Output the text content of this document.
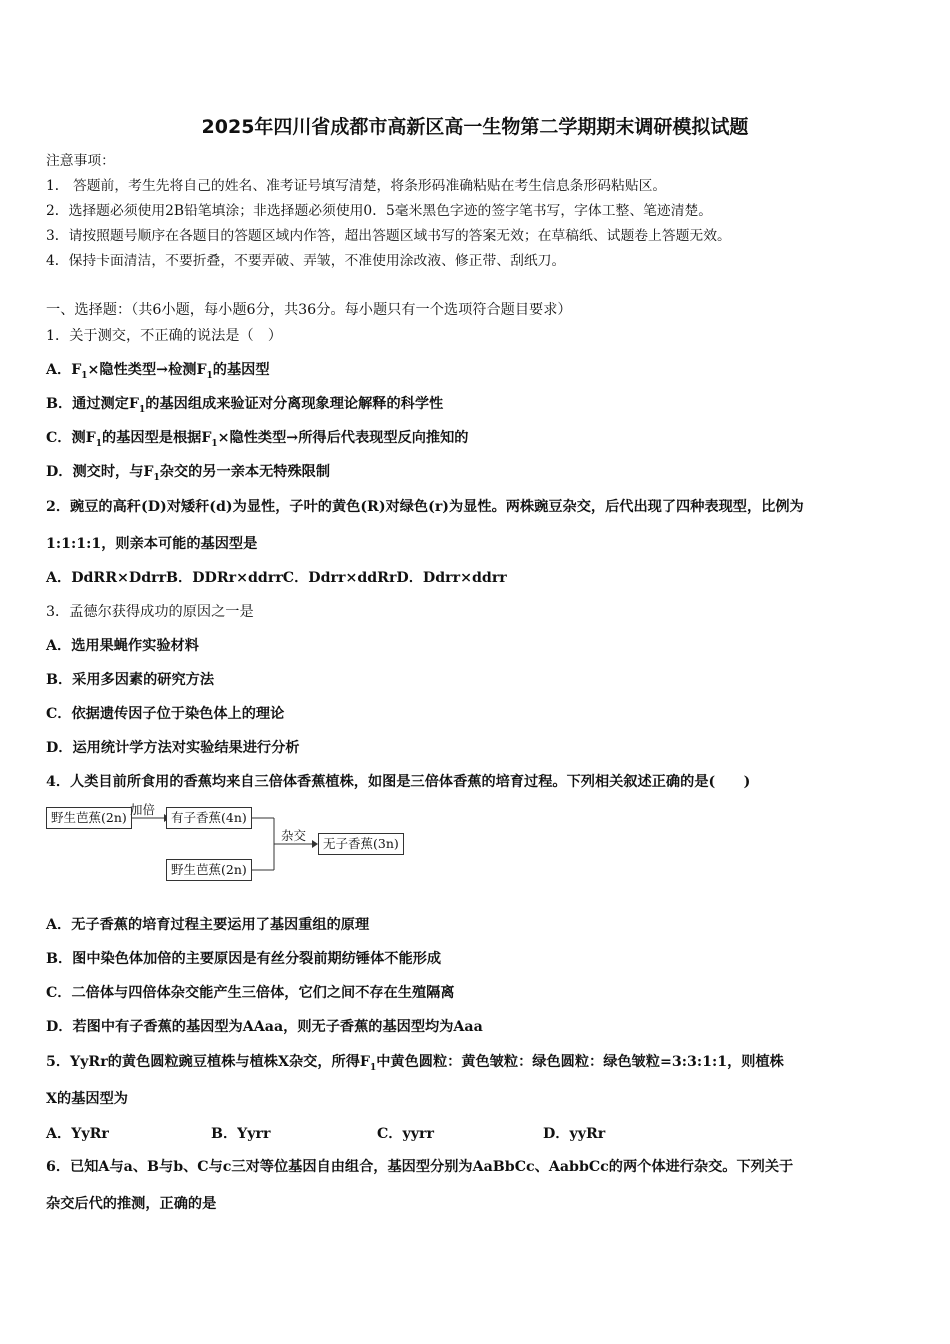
2025年四川省成都市高新区高一生物第二学期期末调研模拟试题
注意事项：
1． 答题前，考生先将自己的姓名、准考证号填写清楚，将条形码准确粘贴在考生信息条形码粘贴区。
2．选择题必须使用2B铅笔填涂；非选择题必须使用0．5毫米黑色字迹的签字笔书写，字体工整、笔迹清楚。
3．请按照题号顺序在各题目的答题区域内作答，超出答题区域书写的答案无效；在草稿纸、试题卷上答题无效。
4．保持卡面清洁，不要折叠，不要弄破、弄皱，不准使用涂改液、修正带、刮纸刀。
一、选择题：（共6小题，每小题6分，共36分。每小题只有一个选项符合题目要求）
1．关于测交，不正确的说法是（　）
A．$F_1\times$隐性类型→检测$F_1$的基因型
B．通过测定$F_1$的基因组成来验证对分离现象理论解释的科学性
C．测$F_1$的基因型是根据$F_1\times$隐性类型→所得后代表现型反向推知的
D．测交时，与$F_1$杂交的另一亲本无特殊限制
2．豌豆的高秆(D)对矮秆(d)为显性，子叶的黄色(R)对绿色(r)为显性。两株豌豆杂交，后代出现了四种表现型，比例为
1:1:1:1，则亲本可能的基因型是
A．DdRR×DdrrB．DDRr×ddrrC．Ddrr×ddRrD．Ddrr×ddrr
3．孟德尔获得成功的原因之一是
A．选用果蝇作实验材料
B．采用多因素的研究方法
C．依据遗传因子位于染色体上的理论
D．运用统计学方法对实验结果进行分析
4．人类目前所食用的香蕉均来自三倍体香蕉植株，如图是三倍体香蕉的培育过程。下列相关叙述正确的是(　　)
野生芭蕉(2n)
加倍
有子香蕉(4n)
杂交
无子香蕉(3n)
野生芭蕉(2n)
A．无子香蕉的培育过程主要运用了基因重组的原理
B．图中染色体加倍的主要原因是有丝分裂前期纺锤体不能形成
C．二倍体与四倍体杂交能产生三倍体，它们之间不存在生殖隔离
D．若图中有子香蕉的基因型为AAaa，则无子香蕉的基因型均为Aaa
5．YyRr的黄色圆粒豌豆植株与植株X杂交，所得$F_1$中黄色圆粒：黄色皱粒：绿色圆粒：绿色皱粒=3:3:1:1，则植株
X的基因型为
A．YyRr	B．Yyrr	C．yyrr	D．yyRr
6．已知A与a、B与b、C与c三对等位基因自由组合，基因型分别为AaBbCc、AabbCc的两个体进行杂交。下列关于
杂交后代的推测，正确的是
